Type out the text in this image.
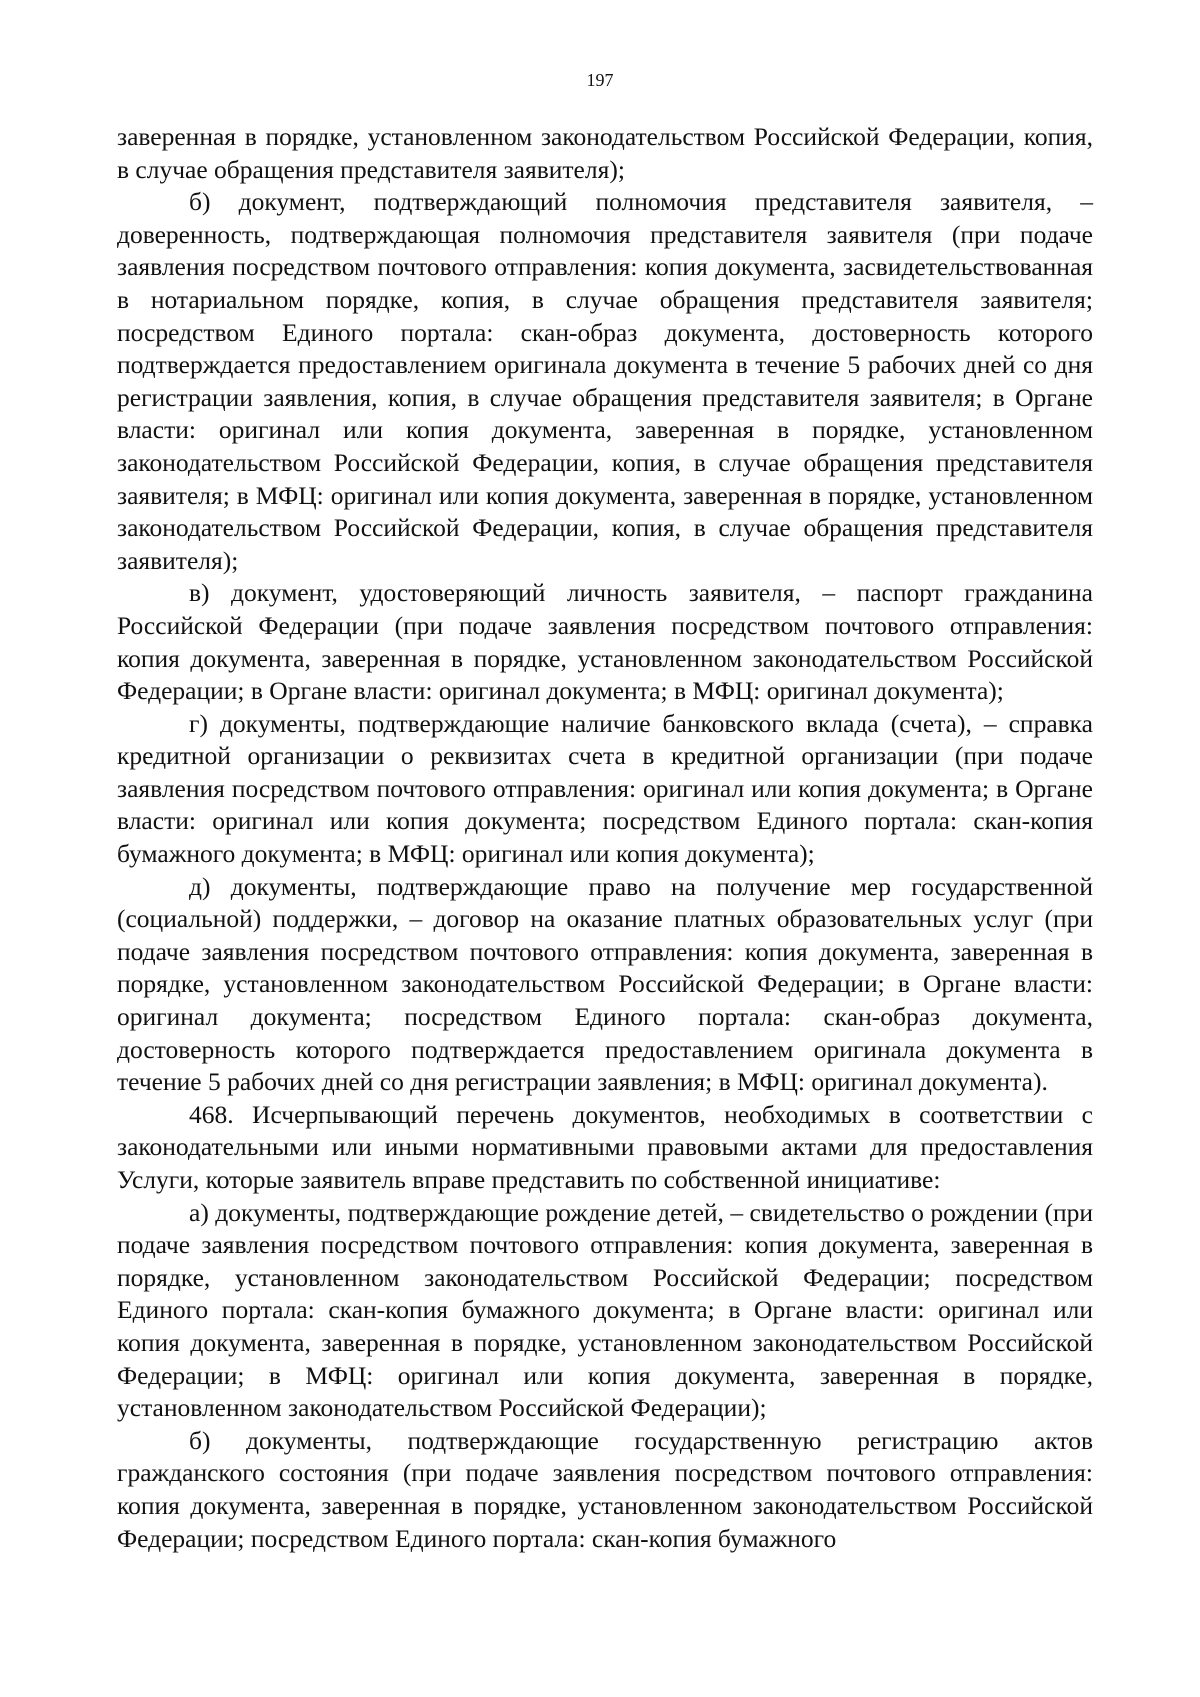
197

заверенная в порядке, установленном законодательством Российской Федерации, копия, в случае обращения представителя заявителя);

б) документ, подтверждающий полномочия представителя заявителя, – доверенность, подтверждающая полномочия представителя заявителя (при подаче заявления посредством почтового отправления: копия документа, засвидетельствованная в нотариальном порядке, копия, в случае обращения представителя заявителя; посредством Единого портала: скан-образ документа, достоверность которого подтверждается предоставлением оригинала документа в течение 5 рабочих дней со дня регистрации заявления, копия, в случае обращения представителя заявителя; в Органе власти: оригинал или копия документа, заверенная в порядке, установленном законодательством Российской Федерации, копия, в случае обращения представителя заявителя; в МФЦ: оригинал или копия документа, заверенная в порядке, установленном законодательством Российской Федерации, копия, в случае обращения представителя заявителя);

в) документ, удостоверяющий личность заявителя, – паспорт гражданина Российской Федерации (при подаче заявления посредством почтового отправления: копия документа, заверенная в порядке, установленном законодательством Российской Федерации; в Органе власти: оригинал документа; в МФЦ: оригинал документа);

г) документы, подтверждающие наличие банковского вклада (счета), – справка кредитной организации о реквизитах счета в кредитной организации (при подаче заявления посредством почтового отправления: оригинал или копия документа; в Органе власти: оригинал или копия документа; посредством Единого портала: скан-копия бумажного документа; в МФЦ: оригинал или копия документа);

д) документы, подтверждающие право на получение мер государственной (социальной) поддержки, – договор на оказание платных образовательных услуг (при подаче заявления посредством почтового отправления: копия документа, заверенная в порядке, установленном законодательством Российской Федерации; в Органе власти: оригинал документа; посредством Единого портала: скан-образ документа, достоверность которого подтверждается предоставлением оригинала документа в течение 5 рабочих дней со дня регистрации заявления; в МФЦ: оригинал документа).

468. Исчерпывающий перечень документов, необходимых в соответствии с законодательными или иными нормативными правовыми актами для предоставления Услуги, которые заявитель вправе представить по собственной инициативе:

а) документы, подтверждающие рождение детей, – свидетельство о рождении (при подаче заявления посредством почтового отправления: копия документа, заверенная в порядке, установленном законодательством Российской Федерации; посредством Единого портала: скан-копия бумажного документа; в Органе власти: оригинал или копия документа, заверенная в порядке, установленном законодательством Российской Федерации; в МФЦ: оригинал или копия документа, заверенная в порядке, установленном законодательством Российской Федерации);

б) документы, подтверждающие государственную регистрацию актов гражданского состояния (при подаче заявления посредством почтового отправления: копия документа, заверенная в порядке, установленном законодательством Российской Федерации; посредством Единого портала: скан-копия бумажного
